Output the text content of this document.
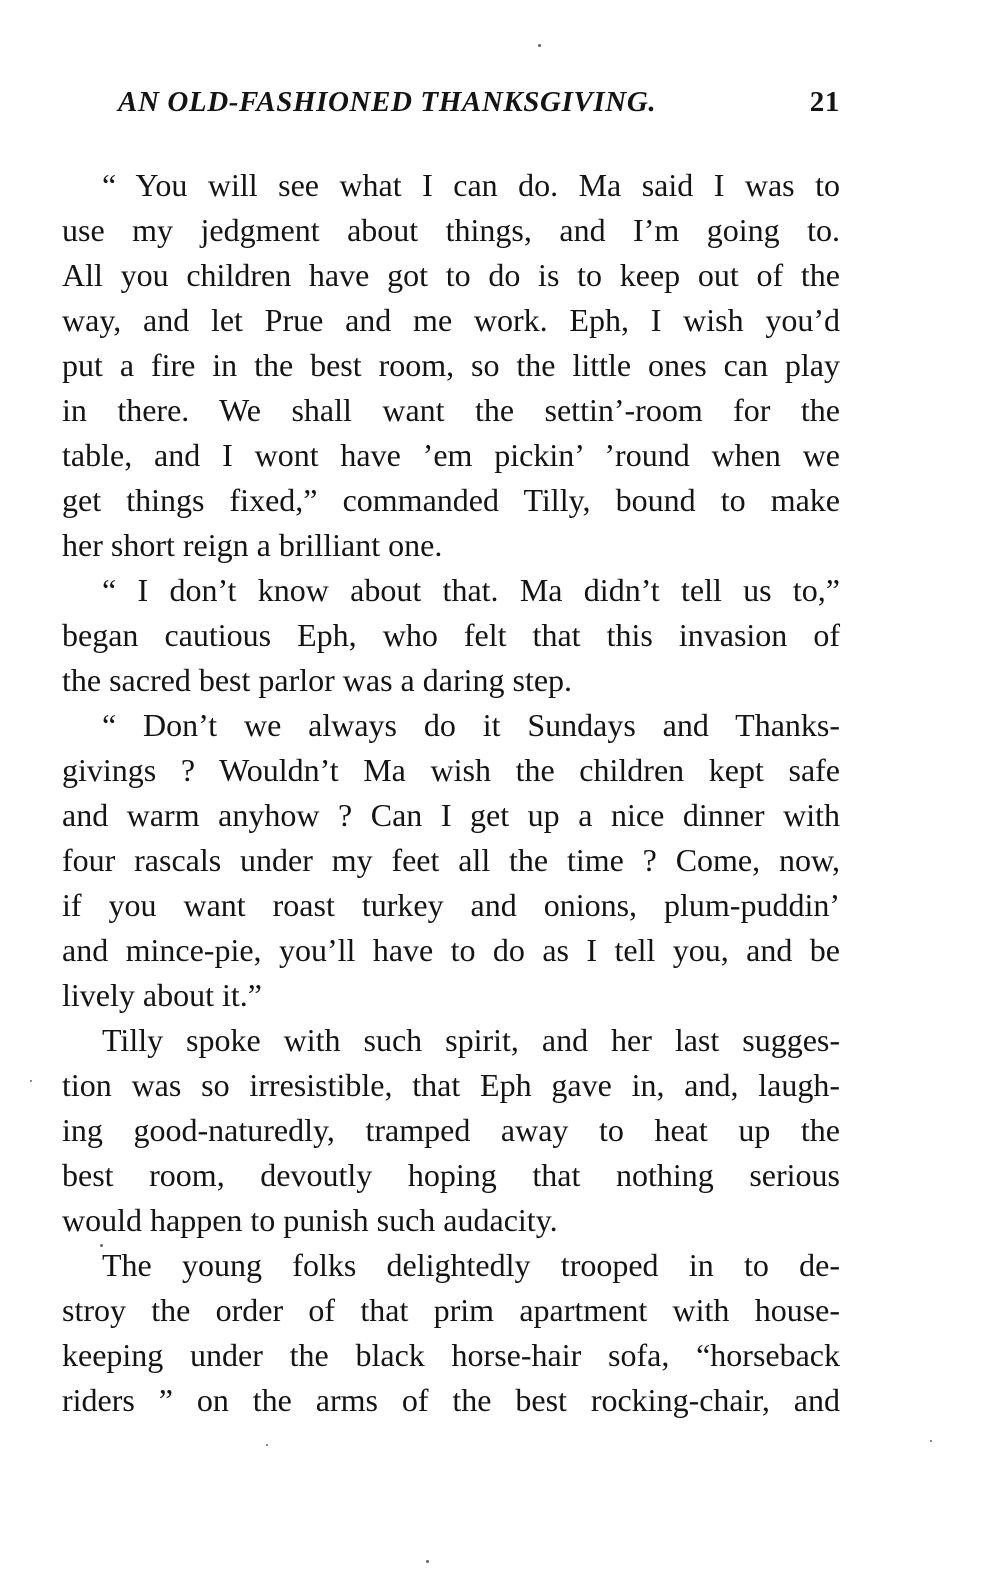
AN OLD-FASHIONED THANKSGIVING.	21
“ You will see what I can do. Ma said I was to
use my jedgment about things, and I’m going to.
All you children have got to do is to keep out of the
way, and let Prue and me work. Eph, I wish you’d
put a fire in the best room, so the little ones can play
in there. We shall want the settin’-room for the
table, and I wont have ’em pickin’ ’round when we
get things fixed,” commanded Tilly, bound to make
her short reign a brilliant one.
“ I don’t know about that. Ma didn’t tell us to,”
began cautious Eph, who felt that this invasion of
the sacred best parlor was a daring step.
“ Don’t we always do it Sundays and Thanks-
givings ? Wouldn’t Ma wish the children kept safe
and warm anyhow ? Can I get up a nice dinner with
four rascals under my feet all the time ? Come, now,
if you want roast turkey and onions, plum-puddin’
and mince-pie, you’ll have to do as I tell you, and be
lively about it.”
Tilly spoke with such spirit, and her last sugges-
tion was so irresistible, that Eph gave in, and, laugh-
ing good-naturedly, tramped away to heat up the
best room, devoutly hoping that nothing serious
would happen to punish such audacity.
The young folks delightedly trooped in to de-
stroy the order of that prim apartment with house-
keeping under the black horse-hair sofa, “horseback
riders ” on the arms of the best rocking-chair, and
